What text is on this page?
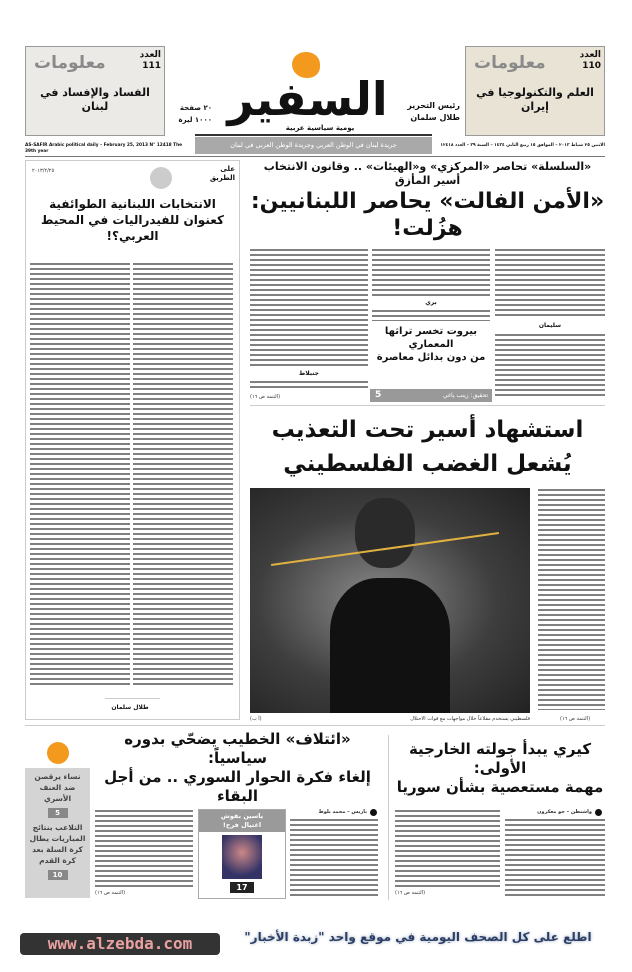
العدد
110
معلومات
العلم والتكنولوجيا في إيران
العدد
111
معلومات
الفساد والإفساد في لبنان	السفير
يومية سياسية عربية
رئيس التحرير
طلال سلمان
٢٠ صفحة
١٠٠٠ ليرة
جريدة لبنان في الوطن العربي وجريدة الوطن العربي في لبنان
AS-SAFIR Arabic political daily – February 25, 2013 N° 12418 The 39th year
الاثنين ٢٥ شباط ٢٠١٣ – الموافق ١٥ ربيع الثاني ١٤٣٤ – السنة ٣٩ – العدد ١٢٤١٨
«السلسلة» تحاصر «المركزي» و«الهيئات» .. وقانون الانتخاب أسير المأزق
«الأمن الفالت» يحاصر اللبنانيين: هزُلت!
سليمان
بري
جنبلاط
(التتمة ص ١٦)
بيروت تخسر تراثها المعماري
من دون بدائل معاصرة
تحقيق: زينب ياغي
5
على
الطريق
٢٠١٣/٢/٢٥
الانتخابات اللبنانية الطوائفية
كعنوان للفيدراليات في المحيط العربي؟!
طلال سلمان
استشهاد أسير تحت التعذيب
يُشعل الغضب الفلسطيني
فلسطيني يستخدم مقلاعاً خلال مواجهات مع قوات الاحتلال
(أ ب)	(التتمة ص ١٦)
كيري يبدأ جولته الخارجية الأولى:
مهمة مستعصية بشأن سوريا
واشنطن – جو معكرون
(التتمة ص ١٦)
«ائتلاف» الخطيب يضحّي بدوره سياسياً:
إلغاء فكرة الحوار السوري .. من أجل البقاء
باريس – محمد بلوط
(التتمة ص ١٦)
ياسين بقوش
اغتيال فرح!
17
نساء يرقصن ضد العنف الأسري
5
التلاعب بنتائج المباريات يطال كرة السلة بعد كرة القدم
10
اطلع على كل الصحف اليومية في موقع واحد "زبدة الأخبار"
www.alzebda.com
